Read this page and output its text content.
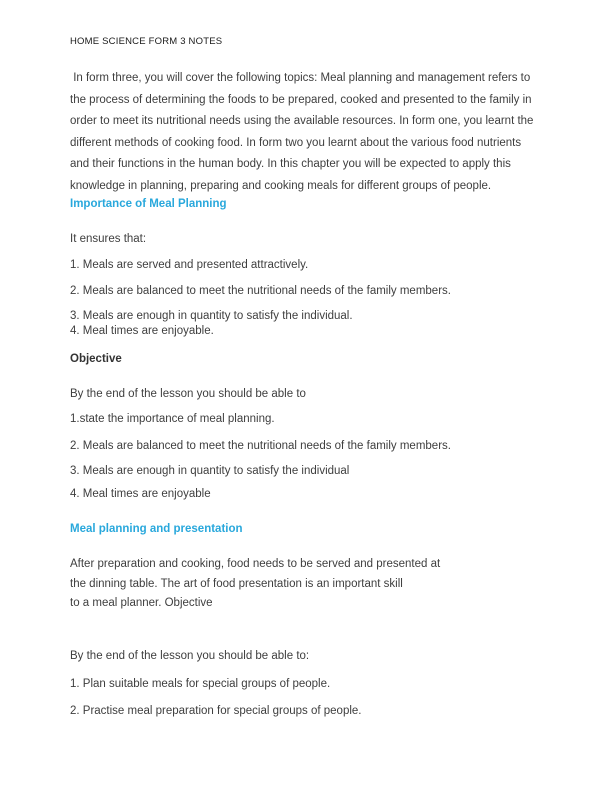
HOME SCIENCE FORM 3 NOTES
In form three, you will cover the following topics: Meal planning and management refers to
the process of determining the foods to be prepared, cooked and presented to the family in
order to meet its nutritional needs using the available resources. In form one, you learnt the
different methods of cooking food. In form two you learnt about the various food nutrients
and their functions in the human body. In this chapter you will be expected to apply this
knowledge in planning, preparing and cooking meals for different groups of people.
Importance of Meal Planning
It ensures that:
1. Meals are served and presented attractively.
2. Meals are balanced to meet the nutritional needs of the family members.
3. Meals are enough in quantity to satisfy the individual.
4. Meal times are enjoyable.
Objective
By the end of the lesson you should be able to
1.state the importance of meal planning.
2. Meals are balanced to meet the nutritional needs of the family members.
3. Meals are enough in quantity to satisfy the individual
4. Meal times are enjoyable
Meal planning and presentation
After preparation and cooking, food needs to be served and presented at
the dinning table. The art of food presentation is an important skill
to a meal planner. Objective
By the end of the lesson you should be able to:
1. Plan suitable meals for special groups of people.
2. Practise meal preparation for special groups of people.
